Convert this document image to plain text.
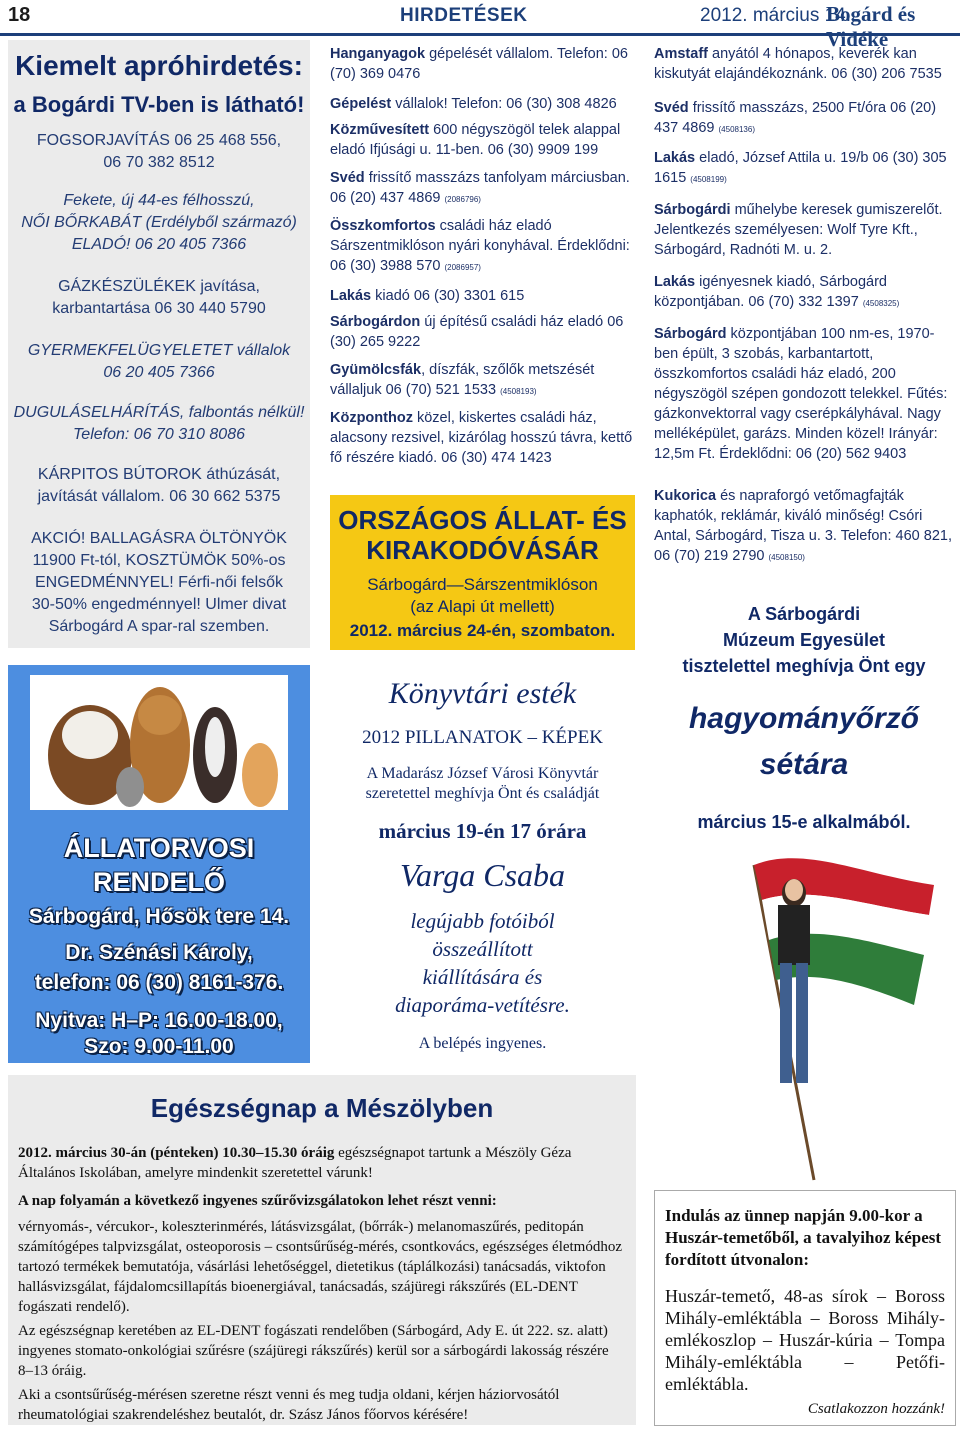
18	HIRDETÉSEK	2012. március 14.
Bogárd és Vidéke
Kiemelt apróhirdetés:
a Bogárdi TV-ben is látható!
FOGSORJAVÍTÁS 06 25 468 556,
06 70 382 8512
Fekete, új 44-es félhosszú,
NŐI BŐRKABÁT (Erdélyből származó)
ELADÓ! 06 20 405 7366
GÁZKÉSZÜLÉKEK javítása,
karbantartása 06 30 440 5790
GYERMEKFELÜGYELETET vállalok
06 20 405 7366
DUGULÁSELHÁRÍTÁS, falbontás nélkül!
Telefon: 06 70 310 8086
KÁRPITOS BÚTOROK áthúzását,
javítását vállalom. 06 30 662 5375
AKCIÓ! BALLAGÁSRA ÖLTÖNYÖK
11900 Ft-tól, KOSZTÜMÖK 50%-os
ENGEDMÉNNYEL! Férfi-női felsők
30-50% engedménnyel! Ulmer divat
Sárbogárd A spar-ral szemben.
ÁLLATORVOSI
RENDELŐ
Sárbogárd, Hősök tere 14.
Dr. Szénási Károly,
telefon: 06 (30) 8161-376.
Nyitva: H–P: 16.00-18.00,
Szo: 9.00-11.00
Hanganyagok gépelését vállalom. Telefon: 06 (70) 369 0476
Gépelést vállalok! Telefon: 06 (30) 308 4826
Közművesített 600 négyszögöl telek alappal eladó Ifjúsági u. 11-ben. 06 (30) 9909 199
Svéd frissítő masszázs tanfolyam márciusban. 06 (20) 437 4869 (2086796)
Összkomfortos családi ház eladó Sárszentmiklóson nyári konyhával. Érdeklődni: 06 (30) 3988 570 (2086957)
Lakás kiadó 06 (30) 3301 615
Sárbogárdon új építésű családi ház eladó 06 (30) 265 9222
Gyümölcsfák, díszfák, szőlők metszését vállaljuk 06 (70) 521 1533 (4508193)
Központhoz közel, kiskertes családi ház, alacsony rezsivel, kizárólag hosszú távra, kettő fő részére kiadó. 06 (30) 474 1423
ORSZÁGOS ÁLLAT- ÉS
KIRAKODÓVÁSÁR
Sárbogárd—Sárszentmiklóson
(az Alapi út mellett)
2012. március 24-én, szombaton.
Könyvtári esték
2012 PILLANATOK – KÉPEK
A Madarász József Városi Könyvtár
szeretettel meghívja Önt és családját
március 19-én 17 órára
Varga Csaba
legújabb fotóiból
összeállított
kiállítására és
diaporáma-vetítésre.
A belépés ingyenes.
Amstaff anyától 4 hónapos, keverék kan kiskutyát elajándékoznánk. 06 (30) 206 7535
Svéd frissítő masszázs, 2500 Ft/óra 06 (20) 437 4869 (4508136)
Lakás eladó, József Attila u. 19/b 06 (30) 305 1615 (4508199)
Sárbogárdi műhelybe keresek gumiszerelőt. Jelentkezés személyesen: Wolf Tyre Kft., Sárbogárd, Radnóti M. u. 2.
Lakás igényesnek kiadó, Sárbogárd központjában. 06 (70) 332 1397 (4508325)
Sárbogárd központjában 100 nm-es, 1970-ben épült, 3 szobás, karbantartott, összkomfortos családi ház eladó, 200 négyszögöl szépen gondozott telekkel. Fűtés: gázkonvektorral vagy cserépkályhával. Nagy melléképület, garázs. Minden közel! Irányár: 12,5m Ft. Érdeklődni: 06 (20) 562 9403
Kukorica és napraforgó vetőmagfajták kaphatók, reklámár, kiváló minőség! Csóri Antal, Sárbogárd, Tisza u. 3. Telefon: 460 821, 06 (70) 219 2790 (4508150)
A Sárbogárdi
Múzeum Egyesület
tisztelettel meghívja Önt egy
hagyományőrző
sétára
március 15-e alkalmából.
Egészségnap a Mészölyben
2012. március 30-án (pénteken) 10.30–15.30 óráig egészségnapot tartunk a Mészöly Géza Általános Iskolában, amelyre mindenkit szeretettel várunk!
A nap folyamán a következő ingyenes szűrővizsgálatokon lehet részt venni:
vérnyomás-, vércukor-, koleszterinmérés, látásvizsgálat, (bőrrák-) melanomaszűrés, peditopán számítógépes talpvizsgálat, osteoporosis – csontsűrűség-mérés, csontkovács, egészséges életmódhoz tartozó termékek bemutatója, vásárlási lehetőséggel, dietetikus (táplálkozási) tanácsadás, viktofon hallásvizsgálat, fájdalomcsillapítás bioenergiával, tanácsadás, szájüregi rákszűrés (EL-DENT fogászati rendelő).
Az egészségnap keretében az EL-DENT fogászati rendelőben (Sárbogárd, Ady E. út 222. sz. alatt) ingyenes stomato-onkológiai szűrésre (szájüregi rákszűrés) kerül sor a sárbogárdi lakosság részére 8–13 óráig.
Aki a csontsűrűség-mérésen szeretne részt venni és meg tudja oldani, kérjen háziorvosától rheumatológiai szakrendeléshez beutalót, dr. Szász János főorvos kérésére!
Indulás az ünnep napján 9.00-kor a Huszár-temetőből, a tavalyihoz képest fordított útvonalon:
Huszár-temető, 48-as sírok – Boross Mihály-emléktábla – Boross Mihály-emlékoszlop – Huszár-kúria – Tompa Mihály-emléktábla – Petőfi-emléktábla.
Csatlakozzon hozzánk!
